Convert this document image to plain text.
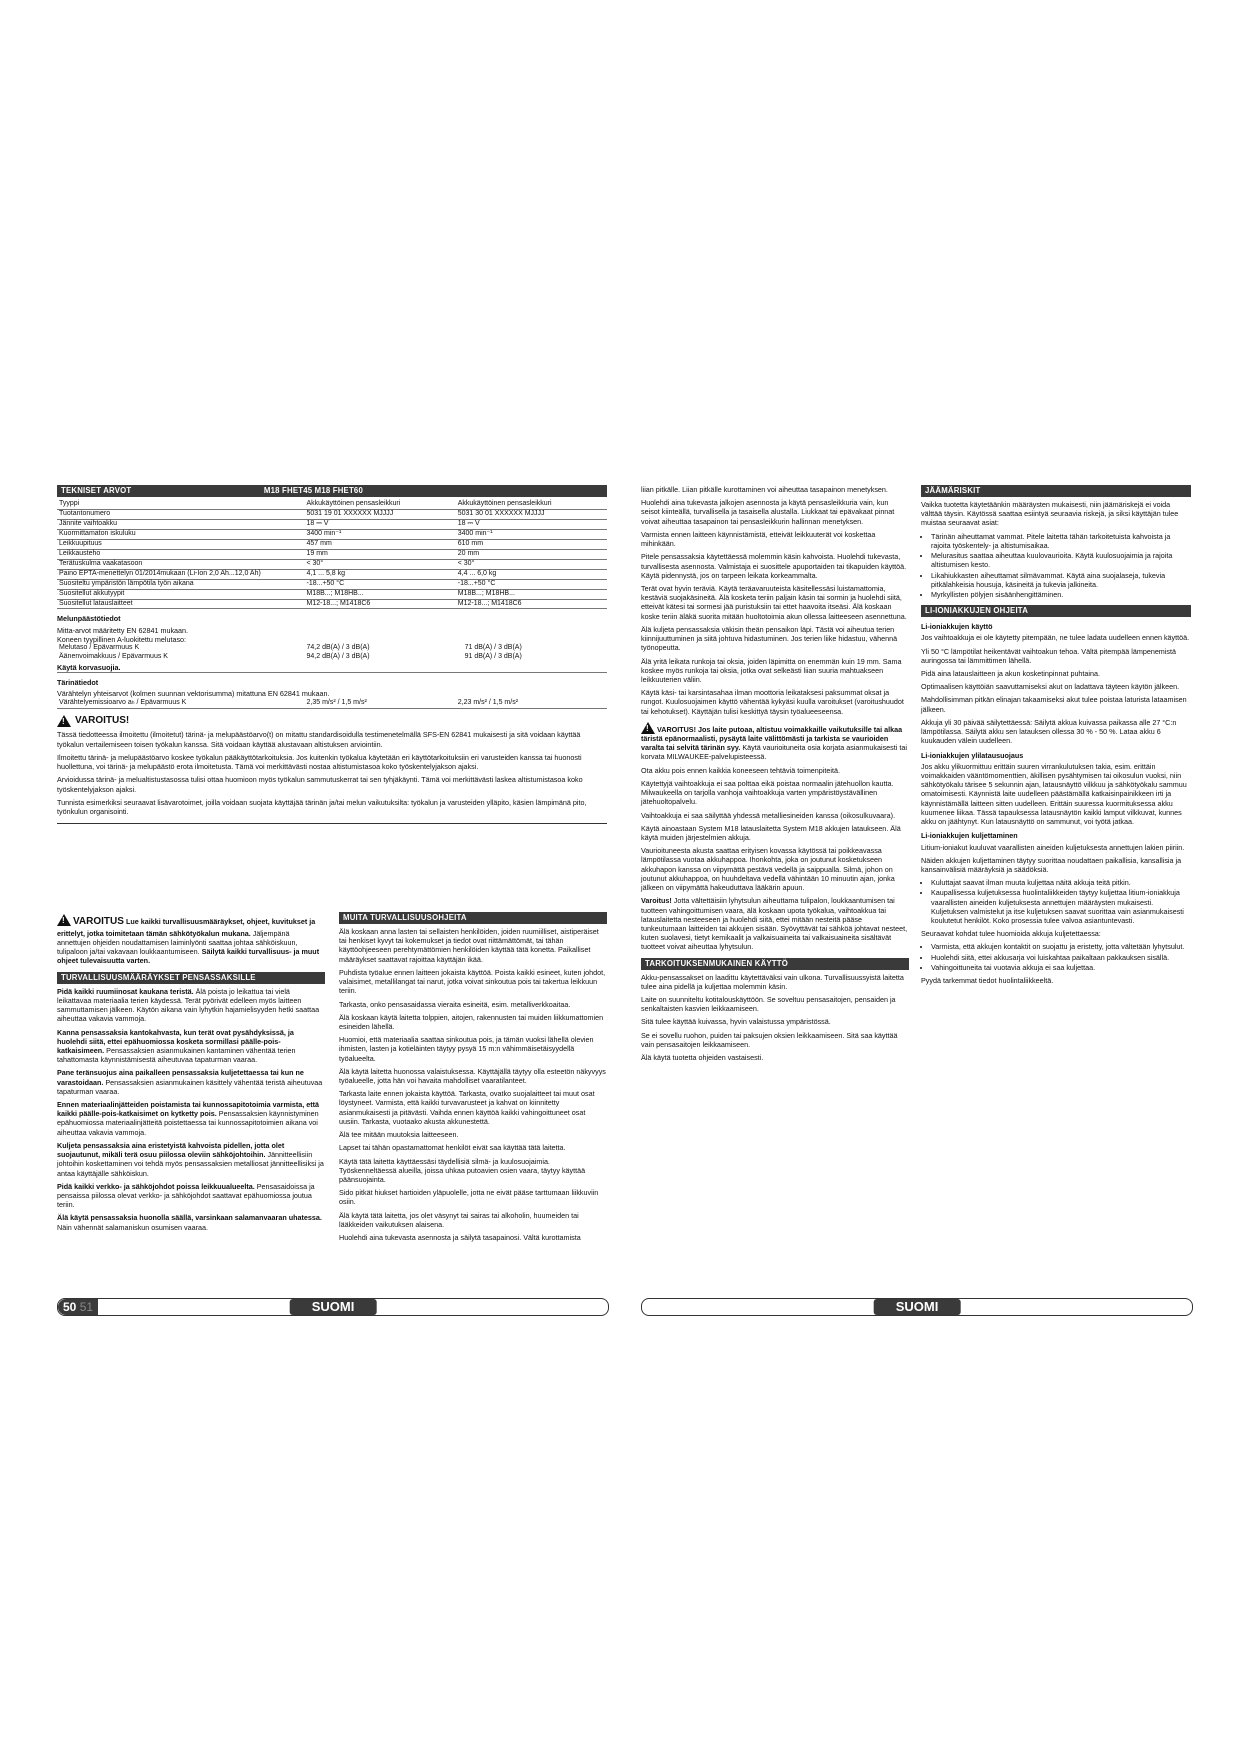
TEKNISET ARVOT	M18 FHET45 M18 FHET60
Tyyppi	Akkukäyttöinen pensasleikkuri	Akkukäyttöinen pensasleikkuri
Tuotantonumero	5031 19 01 XXXXXX MJJJJ	5031 30 01 XXXXXX MJJJJ
Jännite vaihtoakku	18 ⎓ V	18 ⎓ V
Kuormittamaton iskuluku	3400 min⁻¹	3400 min⁻¹
Leikkuupituus	457 mm	610 mm
Leikkausteho	19 mm	20 mm
Terätuskulma vaakatasoon	< 30°	< 30°
Paino EPTA-menettelyn 01/2014mukaan (Li-Ion 2,0 Ah...12,0 Ah)	4,1 ... 5,8 kg	4,4 ... 6,0 kg
Suositeltu ympäristön lämpötila työn aikana	-18...+50 °C	-18...+50 °C
Suositellut akkutyypit	M18B...; M18HB...	M18B...; M18HB...
Suositellut latauslaitteet	M12-18...; M1418C6	M12-18...; M1418C6
Melunpäästötiedot
Mitta-arvot määritetty EN 62841 mukaan.
Koneen tyypillinen A-luokitettu melutaso:
Melutaso / Epävarmuus K	74,2 dB(A) / 3 dB(A)	71 dB(A) / 3 dB(A)
Äänenvoimakkuus / Epävarmuus K	94,2 dB(A) / 3 dB(A)	91 dB(A) / 3 dB(A)
Käytä korvasuojia.
Tärinätiedot
Värähtelyn yhteisarvot (kolmen suunnan vektorisumma) mitattuna EN 62841 mukaan.
Värähtelyemissioarvo aₕ / Epävarmuus K	2,35 m/s² / 1,5 m/s²	2,23 m/s² / 1,5 m/s²
! VAROITUS!

Tässä tiedotteessa ilmoitettu (ilmoitetut) tärinä- ja melupäästöarvo(t) on mitattu standardisoidulla testimenetelmällä SFS-EN 62841 mukaisesti ja sitä voidaan käyttää työkalun vertailemiseen toisen työkalun kanssa. Sitä voidaan käyttää alustavaan altistuksen arviointiin.

Ilmoitettu tärinä- ja melupäästöarvo koskee työkalun pääkäyttötarkoituksia. Jos kuitenkin työkalua käytetään eri käyttötarkoituksiin eri varusteiden kanssa tai huonosti huollettuna, voi tärinä- ja melupäästö erota ilmoitetusta. Tämä voi merkittävästi nostaa altistumistasoa koko työskentelyjakson ajaksi.

Arvioidussa tärinä- ja melualtistustasossa tulisi ottaa huomioon myös työkalun sammutuskerrat tai sen tyhjäkäynti. Tämä voi merkittävästi laskea altistumistasoa koko työskentelyjakson ajaksi.

Tunnista esimerkiksi seuraavat lisävarotoimet, joilla voidaan suojata käyttäjää tärinän ja/tai melun vaikutuksilta: työkalun ja varusteiden ylläpito, käsien lämpimänä pito, työnkulun organisointi.

! VAROITUS Lue kaikki turvallisuusmääräykset, ohjeet, kuvitukset ja erittelyt, jotka toimitetaan tämän sähkötyökalun mukana. Jäljempänä annettujen ohjeiden noudattamisen laiminlyönti saattaa johtaa sähköiskuun, tulipaloon ja/tai vakavaan loukkaantumiseen. Säilytä kaikki turvallisuus- ja muut ohjeet tulevaisuutta varten.

TURVALLISUUSMÄÄRÄYKSET PENSASSAKSILLE

Pidä kaikki ruumiinosat kaukana teristä. Älä poista jo leikattua tai vielä leikattavaa materiaalia terien käydessä. Terät pyörivät edelleen myös laitteen sammuttamisen jälkeen. Käytön aikana vain lyhytkin hajamielisyyden hetki saattaa aiheuttaa vakavia vammoja.

Kanna pensassaksia kantokahvasta, kun terät ovat pysähdyksissä, ja huolehdi siitä, ettei epähuomiossa kosketa sormillasi päälle-pois-katkaisimeen. Pensassaksien asianmukainen kantaminen vähentää terien tahattomasta käynnistämisestä aiheutuvaa tapaturman vaaraa.

Pane teränsuojus aina paikalleen pensassaksia kuljetettaessa tai kun ne varastoidaan. Pensassaksien asianmukainen käsittely vähentää teristä aiheutuvaa tapaturman vaaraa.

Ennen materiaalinjätteiden poistamista tai kunnossapitotoimia varmista, että kaikki päälle-pois-katkaisimet on kytketty pois. Pensassaksien käynnistyminen epähuomiossa materiaalinjätteitä poistettaessa tai kunnossapitotoimien aikana voi aiheuttaa vakavia vammoja.

Kuljeta pensassaksia aina eristetyistä kahvoista pidellen, jotta olet suojautunut, mikäli terä osuu piilossa oleviin sähköjohtoihin. Jännitteellisiin johtoihin koskettaminen voi tehdä myös pensassaksien metalliosat jännitteellisiksi ja antaa käyttäjälle sähköiskun.

Pidä kaikki verkko- ja sähköjohdot poissa leikkuualueelta. Pensasaidoissa ja pensaissa piilossa olevat verkko- ja sähköjohdot saattavat epähuomiossa joutua teriin.

Älä käytä pensassaksia huonolla säällä, varsinkaan salamanvaaran uhatessa. Näin vähennät salamaniskun osumisen vaaraa.

MUITA TURVALLISUUSOHJEITA

Älä koskaan anna lasten tai sellaisten henkilöiden, joiden ruumiilliset, aistiperäiset tai henkiset kyvyt tai kokemukset ja tiedot ovat riittämättömät, tai tähän käyttöohjeeseen perehtymättömien henkilöiden käyttää tätä konetta. Paikalliset määräykset saattavat rajoittaa käyttäjän ikää.

Puhdista työalue ennen laitteen jokaista käyttöä. Poista kaikki esineet, kuten johdot, valaisimet, metallilangat tai narut, jotka voivat sinkoutua pois tai takertua leikkuun teriin.

Tarkasta, onko pensasaidassa vieraita esineitä, esim. metalliverkkoaitaa.

Älä koskaan käytä laitetta tolppien, aitojen, rakennusten tai muiden liikkumattomien esineiden lähellä.

Huomioi, että materiaalia saattaa sinkoutua pois, ja tämän vuoksi lähellä olevien ihmisten, lasten ja kotieläinten täytyy pysyä 15 m:n vähimmäisetäisyydellä työalueelta.

Älä käytä laitetta huonossa valaistuksessa. Käyttäjällä täytyy olla esteetön näkyvyys työalueelle, jotta hän voi havaita mahdolliset vaaratilanteet.

Tarkasta laite ennen jokaista käyttöä. Tarkasta, ovatko suojalaitteet tai muut osat löystyneet. Varmista, että kaikki turvavarusteet ja kahvat on kiinnitetty asianmukaisesti ja pitävästi. Vaihda ennen käyttöä kaikki vahingoittuneet osat uusiin. Tarkasta, vuotaako akusta akkunestettä.

Älä tee mitään muutoksia laitteeseen.

Lapset tai tähän opastamattomat henkilöt eivät saa käyttää tätä laitetta.

Käytä tätä laitetta käyttäessäsi täydellisiä silmä- ja kuulosuojaimia. Työskenneltäessä alueilla, joissa uhkaa putoavien osien vaara, täytyy käyttää päänsuojainta.

Sido pitkät hiukset hartioiden yläpuolelle, jotta ne eivät pääse tarttumaan liikkuviin osiin.

Älä käytä tätä laitetta, jos olet väsynyt tai sairas tai alkoholin, huumeiden tai lääkkeiden vaikutuksen alaisena.

Huolehdi aina tukevasta asennosta ja säilytä tasapainosi. Vältä kurottamista

liian pitkälle. Liian pitkälle kurottaminen voi aiheuttaa tasapainon menetyksen.

Huolehdi aina tukevasta jalkojen asennosta ja käytä pensasleikkuria vain, kun seisot kiinteällä, turvallisella ja tasaisella alustalla. Liukkaat tai epävakaat pinnat voivat aiheuttaa tasapainon tai pensasleikkurin hallinnan menetyksen.

Varmista ennen laitteen käynnistämistä, etteivät leikkuuterät voi koskettaa mihinkään.

Pitele pensassaksia käytettäessä molemmin käsin kahvoista. Huolehdi tukevasta, turvallisesta asennosta. Valmistaja ei suosittele apuportaiden tai tikapuiden käyttöä. Käytä pidennystä, jos on tarpeen leikata korkeammalta.

Terät ovat hyvin teräviä. Käytä teräavaruuteista käsitellessäsi luistamattomia, kestäviä suojakäsineitä. Älä kosketa teriin paljain käsin tai sormin ja huolehdi siitä, etteivät kätesi tai sormesi jää puristuksiin tai ettet haavoita itseäsi. Älä koskaan koske teriin äläkä suorita mitään huoltotoimia akun ollessa laitteeseen asennettuna.

Älä kuljeta pensassaksia väkisin theän pensaikon läpi. Tästä voi aiheutua terien kiinnijuuttuminen ja siitä johtuva hidastuminen. Jos terien liike hidastuu, vähennä työnopeutta.

Älä yritä leikata runkoja tai oksia, joiden läpimitta on enemmän kuin 19 mm. Sama koskee myös runkoja tai oksia, jotka ovat selkeästi liian suuria mahtuakseen leikkuuterien väliin.

Käytä käsi- tai karsintasahaa ilman moottoria leikataksesi paksummat oksat ja rungot. Kuulosuojaimen käyttö vähentää kykyäsi kuulla varoitukset (varoitushuudot tai kehotukset). Käyttäjän tulisi keskittyä täysin työalueeseensa.

! VAROITUS! Jos laite putoaa, altistuu voimakkaille vaikutuksille tai alkaa täristä epänormaalisti, pysäytä laite välittömästi ja tarkista se vaurioiden varalta tai selvitä tärinän syy. Käytä vaurioituneita osia korjata asianmukaisesti tai korvata MILWAUKEE-palvelupisteessä.

Ota akku pois ennen kaikkia koneeseen tehtäviä toimenpiteitä.

Käytettyjä vaihtoakkuja ei saa polttaa eikä poistaa normaalin jätehuollon kautta. Milwaukeella on tarjolla vanhoja vaihtoakkuja varten ympäristöystävällinen jätehuoltopalvelu.

Vaihtoakkuja ei saa säilyttää yhdessä metalliesineiden kanssa (oikosulkuvaara).

Käytä ainoastaan System M18 latauslaitetta System M18 akkujen lataukseen. Älä käytä muiden järjestelmien akkuja.

Vaurioituneesta akusta saattaa erityisen kovassa käytössä tai poikkeavassa lämpötilassa vuotaa akkuhappoa. Ihonkohta, joka on joutunut kosketukseen akkuhapon kanssa on viipymättä pestävä vedellä ja saippualla. Silmä, johon on joutunut akkuhappoa, on huuhdeltava vedellä vähintään 10 minuutin ajan, jonka jälkeen on viipymättä hakeuduttava lääkärin apuun.

Varoitus! Jotta vältettäisiin lyhytsulun aiheuttama tulipalon, loukkaantumisen tai tuotteen vahingoittumisen vaara, älä koskaan upota työkalua, vaihtoakkua tai latauslaitetta nesteeseen ja huolehdi siitä, ettei mitään nesteitä pääse tunkeutumaan laitteiden tai akkujen sisään. Syövyttävät tai sähköä johtavat nesteet, kuten suolavesi, tietyt kemikaalit ja valkaisuaineita tai valkaisuaineita sisältävät tuotteet voivat aiheuttaa lyhytsulun.

TARKOITUKSENMUKAINEN KÄYTTÖ

Akku-pensassakset on laadittu käytettäväksi vain ulkona. Turvallisuussyistä laitetta tulee aina pidellä ja kuljettaa molemmin käsin.

Laite on suunniteltu kotitalouskäyttöön. Se soveltuu pensasaitojen, pensaiden ja senkaltaisten kasvien leikkaamiseen.

Sitä tulee käyttää kuivassa, hyvin valaistussa ympäristössä.

Se ei sovellu ruohon, puiden tai paksujen oksien leikkaamiseen. Sitä saa käyttää vain pensasaitojen leikkaamiseen.

Älä käytä tuotetta ohjeiden vastaisesti.

JÄÄMÄRISKIT

Vaikka tuotetta käytetäänkin määräysten mukaisesti, niin jäämäriskejä ei voida välttää täysin. Käytössä saattaa esiintyä seuraavia riskejä, ja siksi käyttäjän tulee muistaa seuraavat asiat:

• Tärinän aiheuttamat vammat. Pitele laitetta tähän tarkoitetuista kahvoista ja rajoita työskentely- ja altistumisaikaa.
• Melurasitus saattaa aiheuttaa kuulovaurioita. Käytä kuulosuojaimia ja rajoita altistumisen kesto.
• Likahiukkasten aiheuttamat silmävammat. Käytä aina suojalaseja, tukevia pitkälahkeisia housuja, käsineitä ja tukevia jalkineita.
• Myrkyllisten pölyjen sisäänhengittäminen.
LI-IONIAKKUJEN OHJEITA
Li-ioniakkujen käyttö

Jos vaihtoakkuja ei ole käytetty pitempään, ne tulee ladata uudelleen ennen käyttöä.

Yli 50 °C lämpötilat heikentävät vaihtoakun tehoa. Vältä pitempää lämpenemistä auringossa tai lämmittimen lähellä.

Pidä aina latauslaitteen ja akun kosketinpinnat puhtaina.

Optimaalisen käyttöiän saavuttamiseksi akut on ladattava täyteen käytön jälkeen.

Mahdollisimman pitkän elinajan takaamiseksi akut tulee poistaa laturista lataamisen jälkeen.

Akkuja yli 30 päivää säilytettäessä: Säilytä akkua kuivassa paikassa alle 27 °C:n lämpötilassa. Säilytä akku sen latauksen ollessa 30 % - 50 %. Lataa akku 6 kuukauden välein uudelleen.

Li-ioniakkujen ylilatausuojaus

Jos akku ylikuormittuu erittäin suuren virrankulutuksen takia, esim. erittäin voimakkaiden vääntömomenttien, äkillisen pysähtymisen tai oikosulun vuoksi, niin sähkötyökalu tärisee 5 sekunnin ajan, latausnäyttö vilkkuu ja sähkötyökalu sammuu omatoimisesti. Käynnistä laite uudelleen päästämällä katkaisinpainikkeen irti ja käynnistämällä laitteen sitten uudelleen. Erittäin suuressa kuormituksessa akku kuumenee liikaa. Tässä tapauksessa latausnäytön kaikki lamput vilkkuvat, kunnes akku on jäähtynyt. Kun latausnäyttö on sammunut, voi työtä jatkaa.

Li-ioniakkujen kuljettaminen

Litium-ioniakut kuuluvat vaarallisten aineiden kuljetuksesta annettujen lakien piiriin.

Näiden akkujen kuljettaminen täytyy suorittaa noudattaen paikallisia, kansallisia ja kansainvälisiä määräyksiä ja säädöksiä.

• Kuluttajat saavat ilman muuta kuljettaa näitä akkuja teitä pitkin.
• Kaupallisessa kuljetuksessa huolintaliikkeiden täytyy kuljettaa litium-ioniakkuja vaarallisten aineiden kuljetuksesta annettujen määräysten mukaisesti. Kuljetuksen valmistelut ja itse kuljetuksen saavat suorittaa vain asianmukaisesti koulutetut henkilöt. Koko prosessia tulee valvoa asiantuntevasti.

Seuraavat kohdat tulee huomioida akkuja kuljetettaessa:

• Varmista, että akkujen kontaktit on suojattu ja eristetty, jotta vältetään lyhytsulut.
• Huolehdi siitä, ettei akkusarja voi luiskahtaa paikaltaan pakkauksen sisällä.
• Vahingoittuneita tai vuotavia akkuja ei saa kuljettaa.

Pyydä tarkemmat tiedot huolintaliikkeeltä.

50 51	SUOMI	SUOMI
